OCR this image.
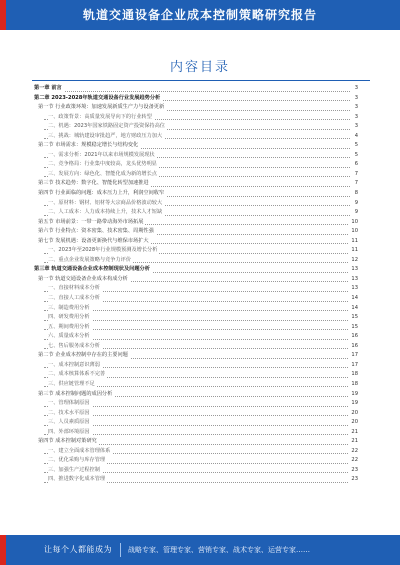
轨道交通设备企业成本控制策略研究报告
内容目录
第一章 前言	3
第二章 2023-2028年轨道交通设备行业发展趋势分析	3
第一节 行业政策环境：加速发展新质生产力与设备更新	3
一、政策背景：高质量发展导向下的行业转型	3
二、机遇：2023年国家铁路固定资产投资保持高位	3
三、挑战：城轨建设审批趋严，地方财政压力加大	4
第二节 市场需求：规模稳定增长与结构变化	5
一、需求分析：2021年以来市场规模发展现状	5
二、竞争格局：行业集中度较高，龙头优势明显	6
三、发展方向：绿色化、智能化成为新的增长点	7
第三节 技术趋势：数字化、智能化转型加速推进	7
第四节 行业面临的问题：成本压力上升，利润空间收窄	8
一、原材料：钢材、铝材等大宗商品价格波动较大	9
二、人工成本：人力成本持续上升，技术人才短缺	9
第五节 市场前景：一带一路带动海外市场拓展	10
第六节 行业特点：资本密集、技术密集、周期性强	10
第七节 发展机遇：设备更新换代与维保市场扩大	11
一、2023年至2028年行业规模预测及增长分析	11
二、重点企业发展策略与竞争力评价	12
第三章 轨道交通设备企业成本控制现状及问题分析	13
第一节 轨道交通设备企业成本构成分析	13
一、直接材料成本分析	13
二、直接人工成本分析	14
三、制造费用分析	14
四、研发费用分析	15
五、期间费用分析	15
六、质量成本分析	16
七、售后服务成本分析	16
第二节 企业成本控制中存在的主要问题	17
一、成本控制意识薄弱	17
二、成本核算体系不完善	18
三、供应链管理不足	18
第三节 成本控制问题的成因分析	19
一、管理体制原因	19
二、技术水平原因	20
三、人员素质原因	20
四、外部环境原因	21
第四节 成本控制对策研究	21
一、建立全面成本管理体系	22
二、优化采购与库存管理	22
三、加强生产过程控制	23
四、推进数字化成本管理	23
让每个人都能成为 战略专家、管理专家、营销专家、战术专家、运营专家……
